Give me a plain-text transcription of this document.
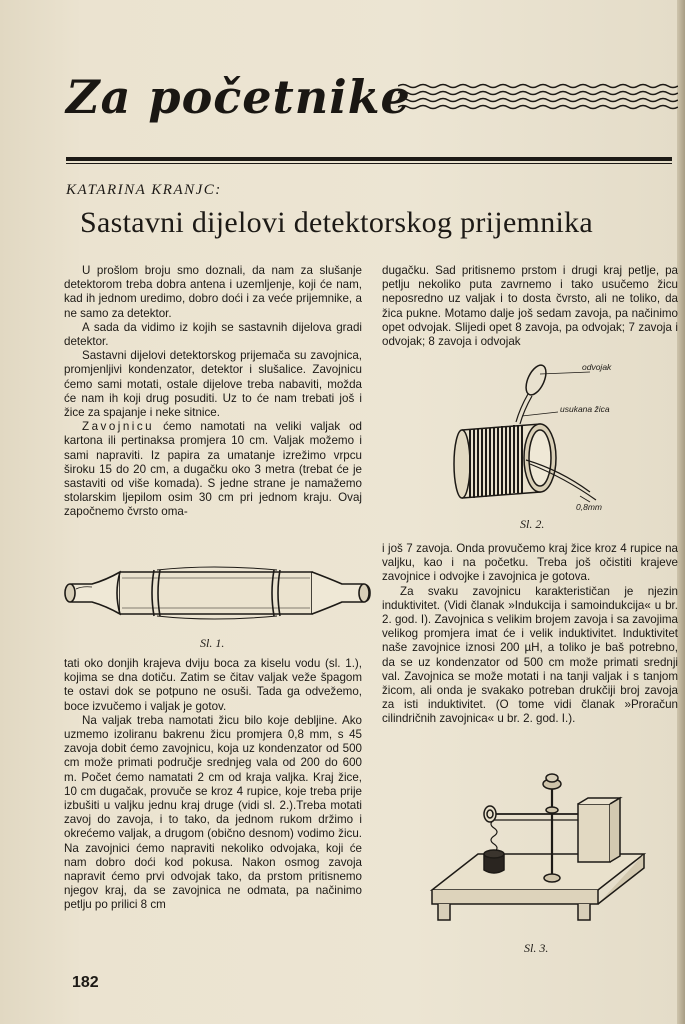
Za početnike
KATARINA KRANJC:
Sastavni dijelovi detektorskog prijemnika

U prošlom broju smo doznali, da nam za slušanje detektorom treba dobra antena i uzemljenje, koji će nam, kad ih jednom uredimo, dobro doći i za veće prijemnike, a ne samo za detektor.

A sada da vidimo iz kojih se sastavnih dijelova gradi detektor.

Sastavni dijelovi detektorskog prijemača su zavojnica, promjenljivi kondenzator, detektor i slušalice. Zavojnicu ćemo sami motati, ostale dijelove treba nabaviti, možda će nam ih koji drug posuditi. Uz to će nam trebati još i žice za spajanje i neke sitnice.

Zavojnicu ćemo namotati na veliki valjak od kartona ili pertinaksa promjera 10 cm. Valjak možemo i sami napraviti. Iz papira za umatanje izrežimo vrpcu široku 15 do 20 cm, a dugačku oko 3 metra (trebat će je sastaviti od više komada). S jedne strane je namažemo stolarskim ljepilom osim 30 cm pri jednom kraju. Ovaj započnemo čvrsto oma-

Sl. 1.

tati oko donjih krajeva dviju boca za kiselu vodu (sl. 1.), kojima se dna dotiču. Zatim se čitav valjak veže špagom te ostavi dok se potpuno ne osuši. Tada ga odvežemo, boce izvučemo i valjak je gotov.

Na valjak treba namotati žicu bilo koje debljine. Ako uzmemo izoliranu bakrenu žicu promjera 0,8 mm, s 45 zavoja dobit ćemo zavojnicu, koja uz kondenzator od 500 cm može primati područje srednjeg vala od 200 do 600 m. Počet ćemo namatati 2 cm od kraja valjka. Kraj žice, 10 cm dugačak, provuče se kroz 4 rupice, koje treba prije izbušiti u valjku jednu kraj druge (vidi sl. 2.).Treba motati zavoj do zavoja, i to tako, da jednom rukom držimo i okrećemo valjak, a drugom (obično desnom) vodimo žicu. Na zavojnici ćemo napraviti nekoliko odvojaka, koji će nam dobro doći kod pokusa. Nakon osmog zavoja napravit ćemo prvi odvojak tako, da prstom pritisnemo njegov kraj, da se zavojnica ne odmata, pa načinimo petlju po prilici 8 cm

dugačku. Sad pritisnemo prstom i drugi kraj petlje, pa petlju nekoliko puta zavrnemo i tako usučemo žicu neposredno uz valjak i to dosta čvrsto, ali ne toliko, da žica pukne. Motamo dalje još sedam zavoja, pa načinimo opet odvojak. Slijedi opet 8 zavoja, pa odvojak; 7 zavoja i odvojak; 8 zavoja i odvojak

odvojak
usukana žica
0,8mm
Sl. 2.

i još 7 zavoja. Onda provučemo kraj žice kroz 4 rupice na valjku, kao i na početku. Treba još očistiti krajeve zavojnice i odvojke i zavojnica je gotova.

Za svaku zavojnicu karakterističan je njezin induktivitet. (Vidi članak »Indukcija i samoindukcija« u br. 2. god. I). Zavojnica s velikim brojem zavoja i sa zavojima velikog promjera imat će i velik induktivitet. Induktivitet naše zavojnice iznosi 200 µH, a toliko je baš potrebno, da se uz kondenzator od 500 cm može primati srednji val. Zavojnica se može motati i na tanji valjak i s tanjom žicom, ali onda je svakako potreban drukčiji broj zavoja za isti induktivitet. (O tome vidi članak »Proračun cilindričnih zavojnica« u br. 2. god. I.).

Sl. 3.
182
